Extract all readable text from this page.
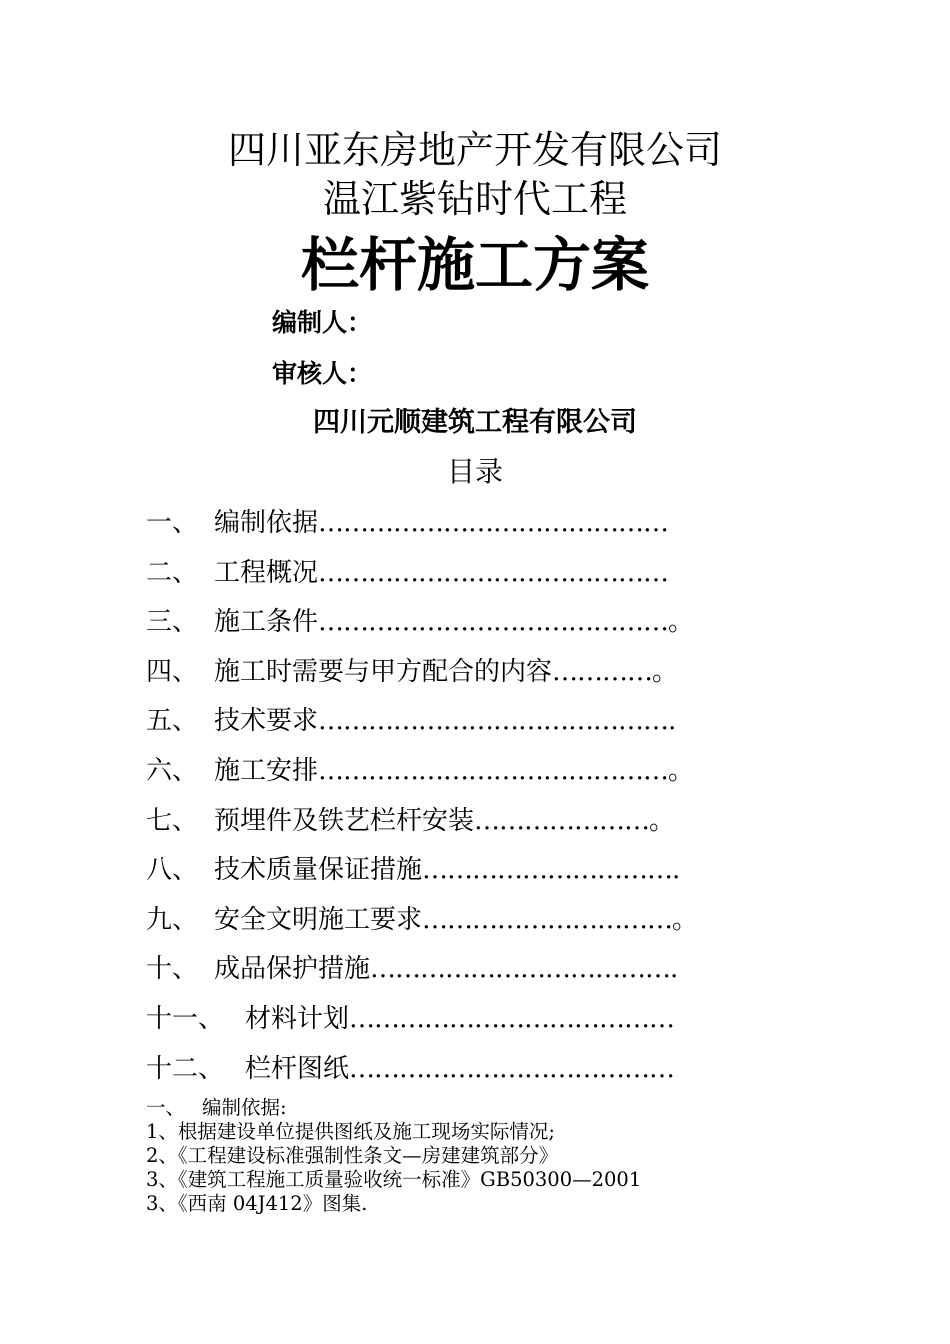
四川亚东房地产开发有限公司
温江紫钻时代工程
栏杆施工方案
编制人：
审核人：
四川元顺建筑工程有限公司
目录
一、 编制依据 ……………………………………
二、 工程概况 ……………………………………
三、 施工条件 …………………………………… 。
四、 施工时需要与甲方配合的内容 ………… 。
五、 技术要求 …………………………………… .
六、 施工安排 …………………………………… 。
七、 预埋件及铁艺栏杆安装 ………………… 。
八、 技术质量保证措施 ………………………… .
九、 安全文明施工要求 ………………………… 。
十、 成品保护措施 ……………………………… .
十一、 材料计划 …………………………………
十二、 栏杆图纸 …………………………………
一、 编制依据:
1、根据建设单位提供图纸及施工现场实际情况;
2、《工程建设标准强制性条文—房建建筑部分》
3、《建筑工程施工质量验收统一标准》GB50300—2001
3、《西南 04J412》图集.
